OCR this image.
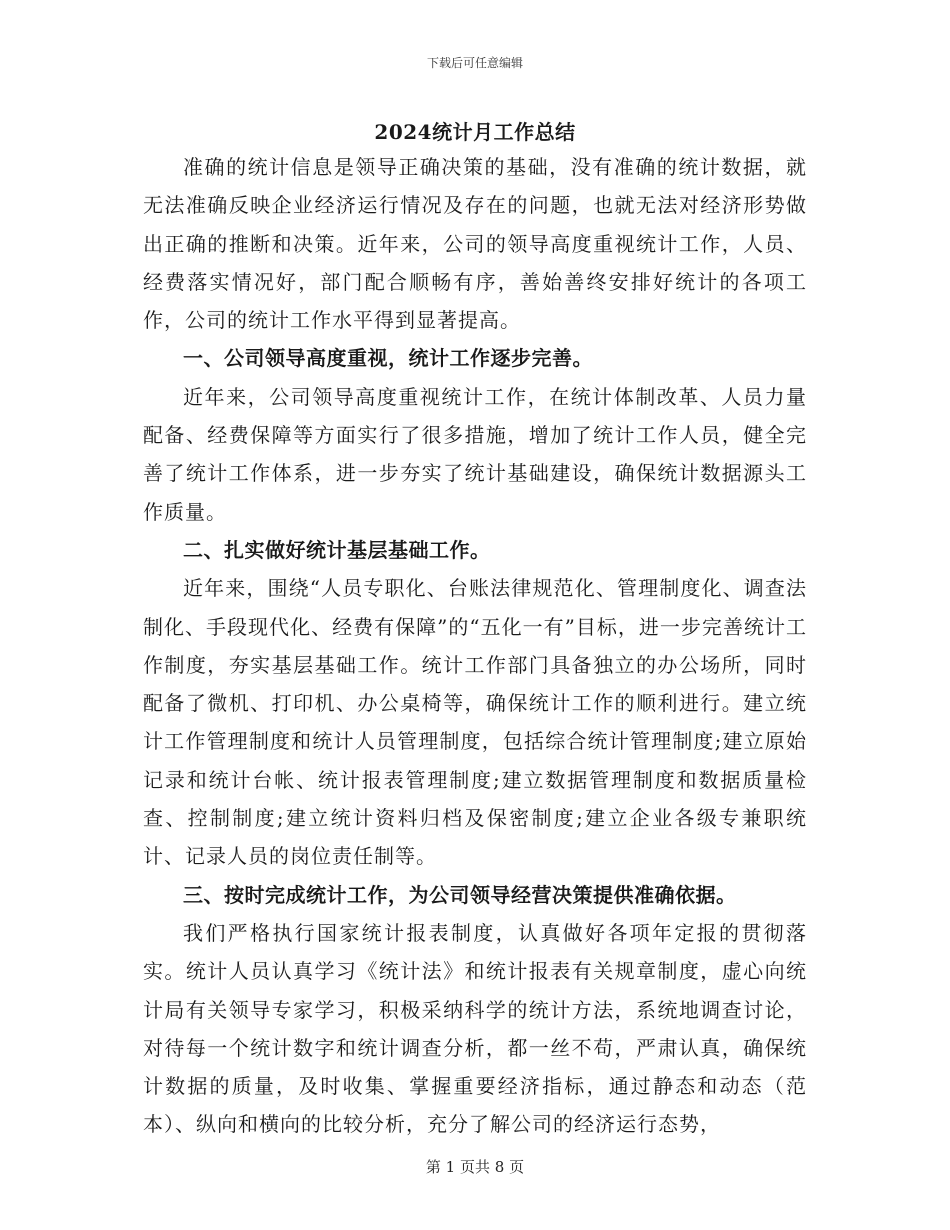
下载后可任意编辑
2024统计月工作总结

准确的统计信息是领导正确决策的基础，没有准确的统计数据，就无法准确反映企业经济运行情况及存在的问题，也就无法对经济形势做出正确的推断和决策。近年来，公司的领导高度重视统计工作，人员、经费落实情况好，部门配合顺畅有序，善始善终安排好统计的各项工作，公司的统计工作水平得到显著提高。

一、公司领导高度重视，统计工作逐步完善。

近年来，公司领导高度重视统计工作，在统计体制改革、人员力量配备、经费保障等方面实行了很多措施，增加了统计工作人员，健全完善了统计工作体系，进一步夯实了统计基础建设，确保统计数据源头工作质量。

二、扎实做好统计基层基础工作。

近年来，围绕“人员专职化、台账法律规范化、管理制度化、调查法制化、手段现代化、经费有保障”的“五化一有”目标，进一步完善统计工作制度，夯实基层基础工作。统计工作部门具备独立的办公场所，同时配备了微机、打印机、办公桌椅等，确保统计工作的顺利进行。建立统计工作管理制度和统计人员管理制度，包括综合统计管理制度;建立原始记录和统计台帐、统计报表管理制度;建立数据管理制度和数据质量检查、控制制度;建立统计资料归档及保密制度;建立企业各级专兼职统计、记录人员的岗位责任制等。

三、按时完成统计工作，为公司领导经营决策提供准确依据。

我们严格执行国家统计报表制度，认真做好各项年定报的贯彻落实。统计人员认真学习《统计法》和统计报表有关规章制度，虚心向统计局有关领导专家学习，积极采纳科学的统计方法，系统地调查讨论，对待每一个统计数字和统计调查分析，都一丝不苟，严肃认真，确保统计数据的质量，及时收集、掌握重要经济指标，通过静态和动态（范本）、纵向和横向的比较分析，充分了解公司的经济运行态势，

第 1 页共 8 页
